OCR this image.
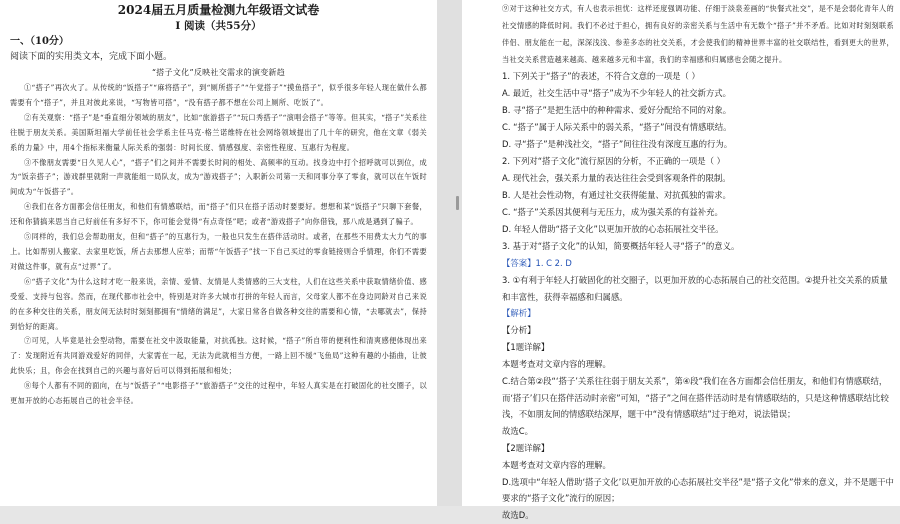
2024届五月质量检测九年级语文试卷
Ⅰ 阅读（共55分）
一、（10分）
阅读下面的实用类文本，完成下面小题。
“搭子文化”反映社交需求的演变新趋

①“搭子”再次火了。从传统的“饭搭子”“麻将搭子”，到“厕所搭子”“午觉搭子”“摸鱼搭子”，似乎很多年轻人现在做什么都需要有个“搭子”，并且对彼此来说，“写物皆可搭”，“没有搭子都不想在公司上厕所、吃饭了”。

②有关观察：“搭子”是“垂直细分领域的朋友”，比如“旅游搭子”“玩口秀搭子”“演唱会搭子”等等。但其实，“搭子”关系往往脱于朋友关系。美国斯坦福大学前任社会学系主任马克·格兰诺维特在社会网络领域提出了几十年的研究，他在文章《弱关系的力量》中，用4个指标来衡量人际关系的强弱：时间长度、情感强度、亲密性程度、互惠行为程度。

③不像朋友需要“日久见人心”，“搭子”们之间并不需要长时间的相处、高频率的互动。找身边中打个招呼就可以到位，成为“饭亲搭子”；游戏群里就附一声就能组一局队友，成为“游戏搭子”；入职新公司第一天和同事分享了零食，就可以在午饭时间成为“午饭搭子”。

④我们在各方面都会信任朋友，和他们有情感联结，而“搭子”们只在搭子活动时要要好。想想和某“饭搭子”只聊下套餐，还和你猜搞来思当自己好前任有多好不下，你可能会觉得“有点奇怪”吧；或者“游戏搭子”向你借钱，那八成是遇到了骗子。

⑤同样的，我们总会帮助朋友，但和“搭子”的互惠行为，一般也只发生在搭伴活动时。或者，在那些不用费太大力气的事上。比如帮别人搬家、去家里吃饭，所占去那想人应举；而帮“午饭搭子”找一下自己买过的零食链接则合乎情理，你们不需要对做这件事，就有点“过界”了。

⑥“搭子文化”为什么这时才吃一般来说，亲情、爱情、友情是人类情感的三大支柱，人们在这些关系中获取情绪价值、感受爱、支持与包容。然而，在现代都市社会中，特别是对许多大城市打拼的年轻人而言，父母家人都不在身边同龄对自己来说的在多种交往的关系，朋友间无法时时刻刻都拥有“情绪的满足”，大家日常各自做各种交往的需要和心情，“去哪就去”，保持到恰好的距离。

⑦可见，人毕竟是社会型动物，需要在社交中汲取能量，对抗孤独。这时候，“搭子”所自带的便利性和清爽感便体现出来了：发现附近有共同游戏爱好的同伴，大家需在一起，无法为此就相当方便，一路上回不缓“飞鱼局”这种有趣的小插曲，让彼此快乐；且，你会在找到自己的兴趣与喜好后可以得到拓展和相处；

⑧每个人都有不同的面向，在与“饭搭子”“电影搭子”“旅游搭子”交往的过程中，年轻人真实是在打破固化的社交圈子，以更加开放的心态拓展自己的社会半径。

⑨对于这种社交方式，有人也表示担忧：这样还度强调功能、仔细于淡泉差画的“快餐式社交”，是不是会弱化青年人的社交情感的降低时间。我们不必过于担心，拥有良好的亲密关系与生活中有无数个“搭子”并不矛盾。比如对时刻刻联系伴侣、朋友能在一起，深深浅浅、参差多态的社交关系，才会使我们的精神世界丰富的社交联结性，看到更大的世界，当社交关系营造越来越高、越来越多元和丰富，我们的幸福感和归属感也会随之提升。

1. 下列关于“搭子”的表述，不符合文意的一项是（ ）
A. 最近，社交生活中寻“搭子”成为不少年轻人的社交新方式。
B. 寻“搭子”是把生活中的种种需求、爱好分配给不同的对象。
C. “搭子”属于人际关系中的弱关系，“搭子”间没有情感联结。
D. 寻“搭子”是种浅社交，“搭子”间往往没有深度互惠的行为。
2. 下列对“搭子文化”流行原因的分析，不正确的一项是（ ）
A. 现代社会，强关系力量的表达往往会受到客观条件的限制。
B. 人是社会性动物，有通过社交获得能量、对抗孤独的需求。
C. “搭子”关系因其便利与无压力，成为强关系的有益补充。
D. 年轻人借助“搭子文化”以更加开放的心态拓展社交半径。
3. 基于对“搭子文化”的认知，简要概括年轻人寻“搭子”的意义。
【答案】1. C 2. D

3. ①有利于年轻人打破固化的社交圈子，以更加开放的心态拓展自己的社交范围。②提升社交关系的质量和丰富性，获得幸福感和归属感。

【解析】
【分析】
【1题详解】
本题考查对文章内容的理解。

C.结合第②段“‘搭子’关系往往弱于朋友关系”，第④段“我们在各方面都会信任朋友，和他们有情感联结，而‘搭子’们只在搭伴活动时亲密”可知，“搭子”之间在搭伴活动时是有情感联结的，只是这种情感联结比较浅，不如朋友间的情感联结深厚，题干中“没有情感联结”过于绝对，说法错误；

故选C。
【2题详解】
本题考查对文章内容的理解。

D.选项中“年轻人借助‘搭子文化’以更加开放的心态拓展社交半径”是“搭子文化”带来的意义，并不是题干中要求的“搭子文化”流行的原因；

故选D。
